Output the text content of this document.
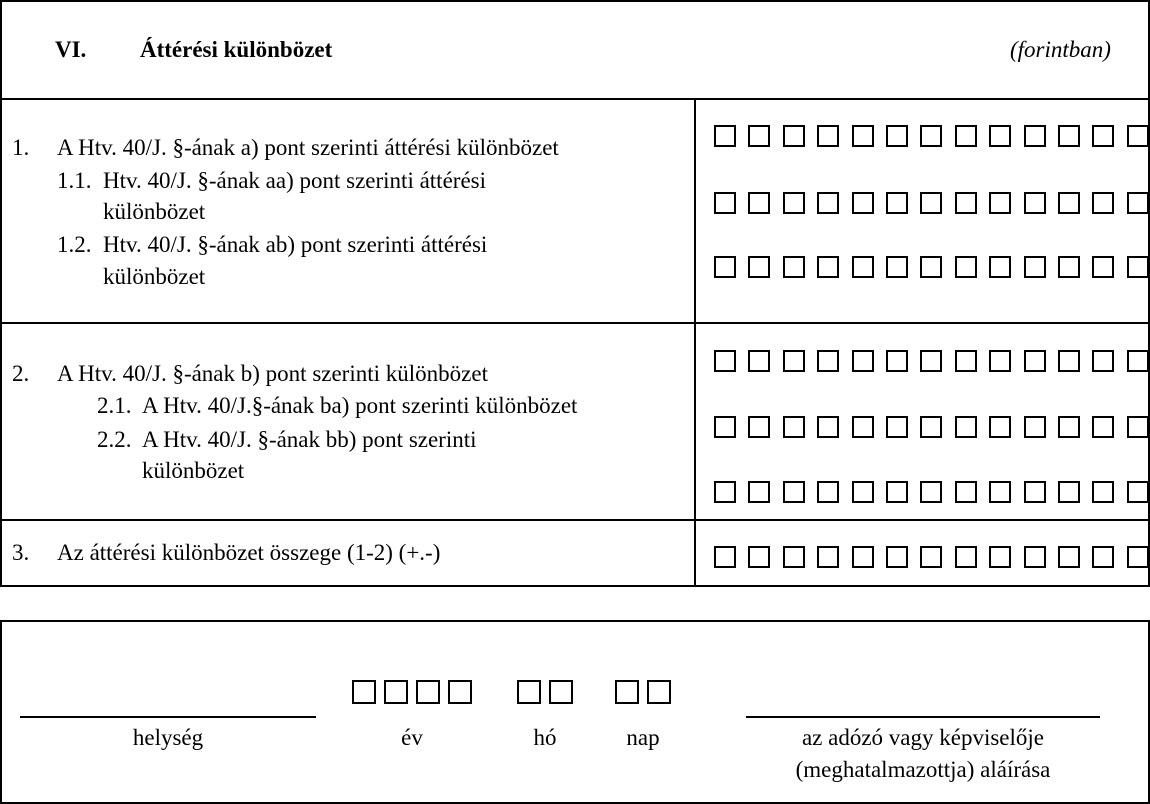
VI. Áttérési különbözet	(forintban)
1. A Htv. 40/J. §-ának a) pont szerinti áttérési különbözet
1.1. Htv. 40/J. §-ának aa) pont szerinti áttérési
különbözet
1.2. Htv. 40/J. §-ának ab) pont szerinti áttérési
különbözet
2. A Htv. 40/J. §-ának b) pont szerinti különbözet
2.1. A Htv. 40/J.§-ának ba) pont szerinti különbözet
2.2. A Htv. 40/J. §-ának bb) pont szerinti
különbözet
3. Az áttérési különbözet összege (1-2) (+.-)
helység	év	hó	nap	az adózó vagy képviselője
(meghatalmazottja) aláírása
